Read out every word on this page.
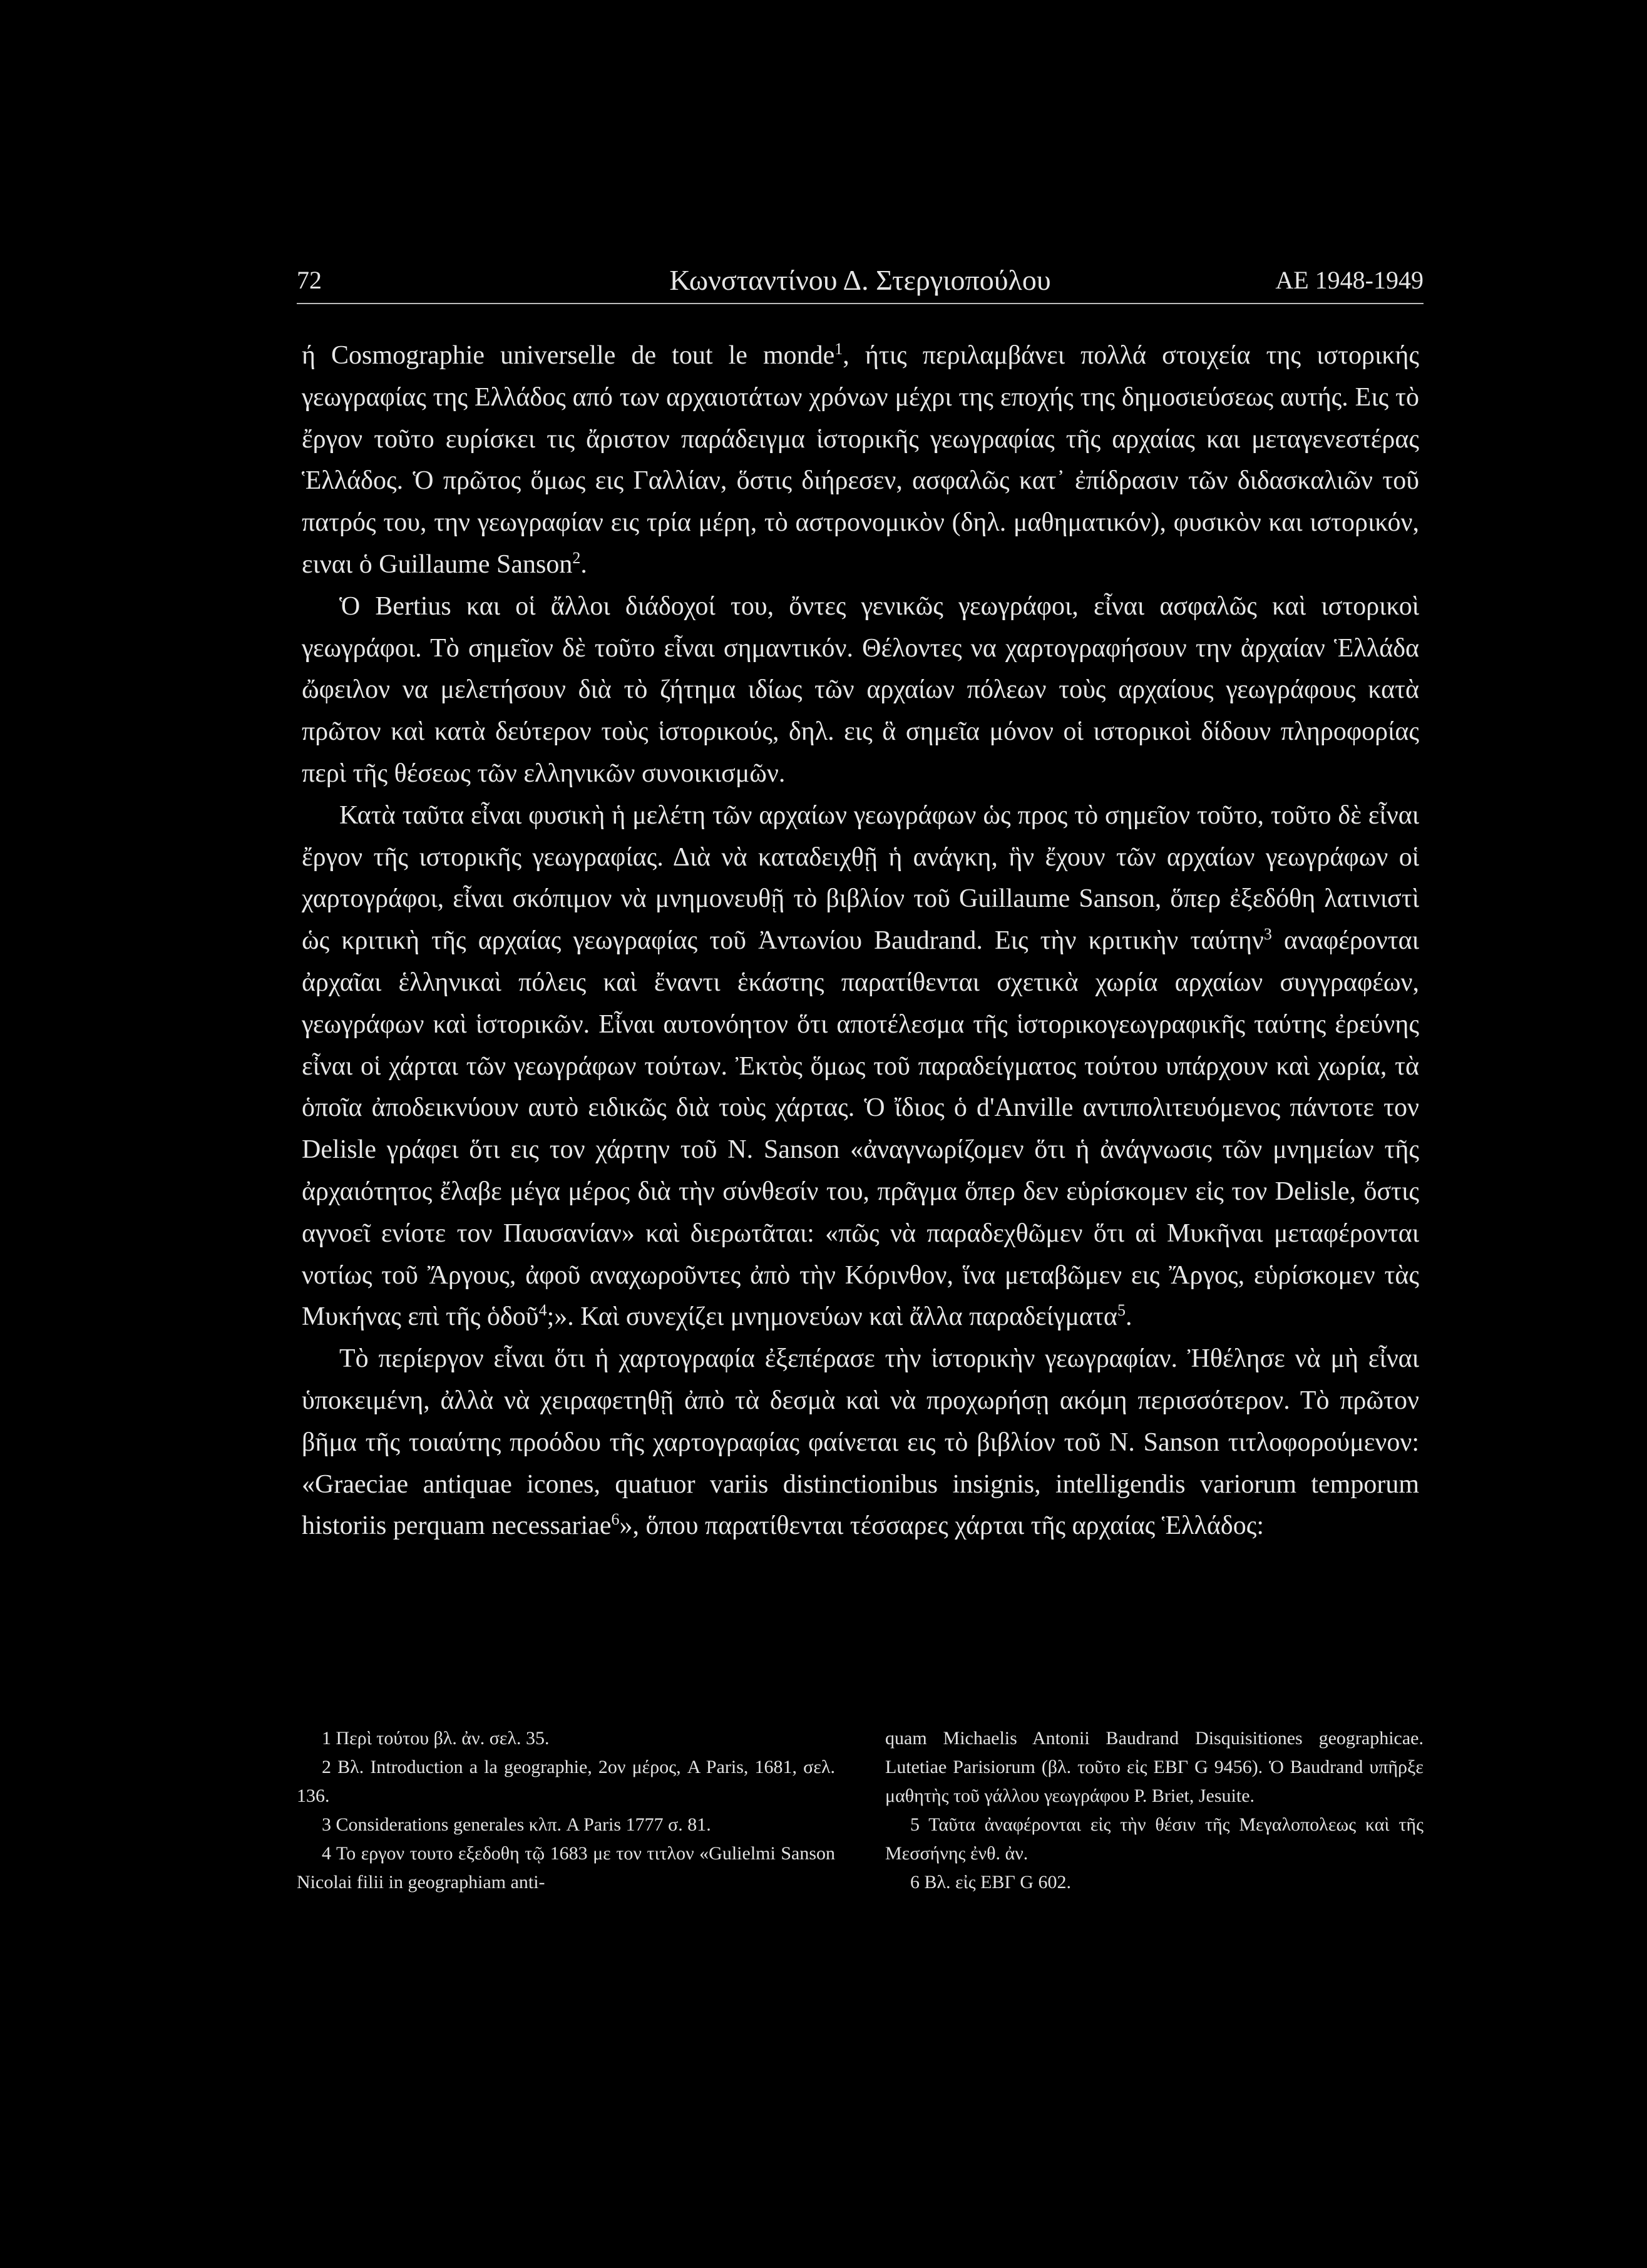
72	Κωνσταντίνου Δ. Στεργιοπούλου	ΑΕ 1948-1949

ή Cosmographie universelle de tout le monde$^1$, ήτις περιλαμβάνει πολλά στοιχεία της ιστορικής γεωγραφίας της Ελλάδος από των αρχαιοτάτων χρόνων μέχρι της εποχής της δημοσιεύσεως αυτής. Εις τὸ ἔργον τοῦτο ευρίσκει τις ἄριστον παράδειγμα ἱστορικῆς γεωγραφίας τῆς αρχαίας και μεταγενεστέρας Ἑλλάδος. Ὁ πρῶτος ὅμως εις Γαλλίαν, ὅστις διήρεσεν, ασφαλῶς κατ᾽ ἐπίδρασιν τῶν διδασκαλιῶν τοῦ πατρός του, την γεωγραφίαν εις τρία μέρη, τὸ αστρονομικὸν (δηλ. μαθηματικόν), φυσικὸν και ιστορικόν, ειναι ὁ Guillaume Sanson$^2$.

Ὁ Bertius και οἱ ἄλλοι διάδοχοί του, ὄντες γενικῶς γεωγράφοι, εἶναι ασφαλῶς καὶ ιστορικοὶ γεωγράφοι. Τὸ σημεῖον δὲ τοῦτο εἶναι σημαντικόν. Θέλοντες να χαρτογραφήσουν την ἀρχαίαν Ἑλλάδα ὤφειλον να μελετήσουν διὰ τὸ ζήτημα ιδίως τῶν αρχαίων πόλεων τοὺς αρχαίους γεωγράφους κατὰ πρῶτον καὶ κατὰ δεύτερον τοὺς ἱστορικούς, δηλ. εις ἃ σημεῖα μόνον οἱ ιστορικοὶ δίδουν πληροφορίας περὶ τῆς θέσεως τῶν ελληνικῶν συνοικισμῶν.

Κατὰ ταῦτα εἶναι φυσικὴ ἡ μελέτη τῶν αρχαίων γεωγράφων ὡς προς τὸ σημεῖον τοῦτο, τοῦτο δὲ εἶναι ἔργον τῆς ιστορικῆς γεωγραφίας. Διὰ νὰ καταδειχθῇ ἡ ανάγκη, ἣν ἔχουν τῶν αρχαίων γεωγράφων οἱ χαρτογράφοι, εἶναι σκόπιμον νὰ μνημονευθῇ τὸ βιβλίον τοῦ Guillaume Sanson, ὅπερ ἐξεδόθη λατινιστὶ ὡς κριτικὴ τῆς αρχαίας γεωγραφίας τοῦ Ἀντωνίου Baudrand. Εις τὴν κριτικὴν ταύτην$^3$ αναφέρονται ἀρχαῖαι ἑλληνικαὶ πόλεις καὶ ἔναντι ἑκάστης παρατίθενται σχετικὰ χωρία αρχαίων συγγραφέων, γεωγράφων καὶ ἱστορικῶν. Εἶναι αυτονόητον ὅτι αποτέλεσμα τῆς ἱστορικογεωγραφικῆς ταύτης ἐρεύνης εἶναι οἱ χάρται τῶν γεωγράφων τούτων. Ἐκτὸς ὅμως τοῦ παραδείγματος τούτου υπάρχουν καὶ χωρία, τὰ ὁποῖα ἀποδεικνύουν αυτὸ ειδικῶς διὰ τοὺς χάρτας. Ὁ ἴδιος ὁ d'Anville αντιπολιτευόμενος πάντοτε τον Delisle γράφει ὅτι εις τον χάρτην τοῦ N. Sanson «ἀναγνωρίζομεν ὅτι ἡ ἀνάγνωσις τῶν μνημείων τῆς ἀρχαιότητος ἔλαβε μέγα μέρος διὰ τὴν σύνθεσίν του, πρᾶγμα ὅπερ δεν εὑρίσκομεν εἰς τον Delisle, ὅστις αγνοεῖ ενίοτε τον Παυσανίαν» καὶ διερωτᾶται: «πῶς νὰ παραδεχθῶμεν ὅτι αἱ Μυκῆναι μεταφέρονται νοτίως τοῦ Ἄργους, ἀφοῦ αναχωροῦντες ἀπὸ τὴν Κόρινθον, ἵνα μεταβῶμεν εις Ἄργος, εὑρίσκομεν τὰς Μυκήνας επὶ τῆς ὁδοῦ$^4$;». Καὶ συνεχίζει μνημονεύων καὶ ἄλλα παραδείγματα$^5$.

Τὸ περίεργον εἶναι ὅτι ἡ χαρτογραφία ἐξεπέρασε τὴν ἱστορικὴν γεωγραφίαν. Ἠθέλησε νὰ μὴ εἶναι ὑποκειμένη, ἀλλὰ νὰ χειραφετηθῇ ἀπὸ τὰ δεσμὰ καὶ νὰ προχωρήσῃ ακόμη περισσότερον. Τὸ πρῶτον βῆμα τῆς τοιαύτης προόδου τῆς χαρτογραφίας φαίνεται εις τὸ βιβλίον τοῦ N. Sanson τιτλοφορούμενον: «Graeciae antiquae icones, quatuor variis distinctionibus insignis, intelligendis variorum temporum historiis perquam necessariae$^6$», ὅπου παρατίθενται τέσσαρες χάρται τῆς αρχαίας Ἑλλάδος:

1 Περὶ τούτου βλ. ἀν. σελ. 35.

2 Βλ. Introduction a la geographie, 2ον μέρος, A Paris, 1681, σελ. 136.

3 Considerations generales κλπ. A Paris 1777 σ. 81.

4 Το εργον τουτο εξεδοθη τῷ 1683 με τον τιτλον «Gulielmi Sanson Nicolai filii in geographiam anti-

quam Michaelis Antonii Baudrand Disquisitiones geographicae. Lutetiae Parisiorum (βλ. τοῦτο εἰς ΕΒΓ G 9456). Ὁ Baudrand υπῆρξε μαθητὴς τοῦ γάλλου γεωγράφου P. Briet, Jesuite.

5 Ταῦτα ἀναφέρονται εἰς τὴν θέσιν τῆς Μεγαλοπολεως καὶ τῆς Μεσσήνης ἐνθ. ἀν.

6 Βλ. εἰς ΕΒΓ G 602.
